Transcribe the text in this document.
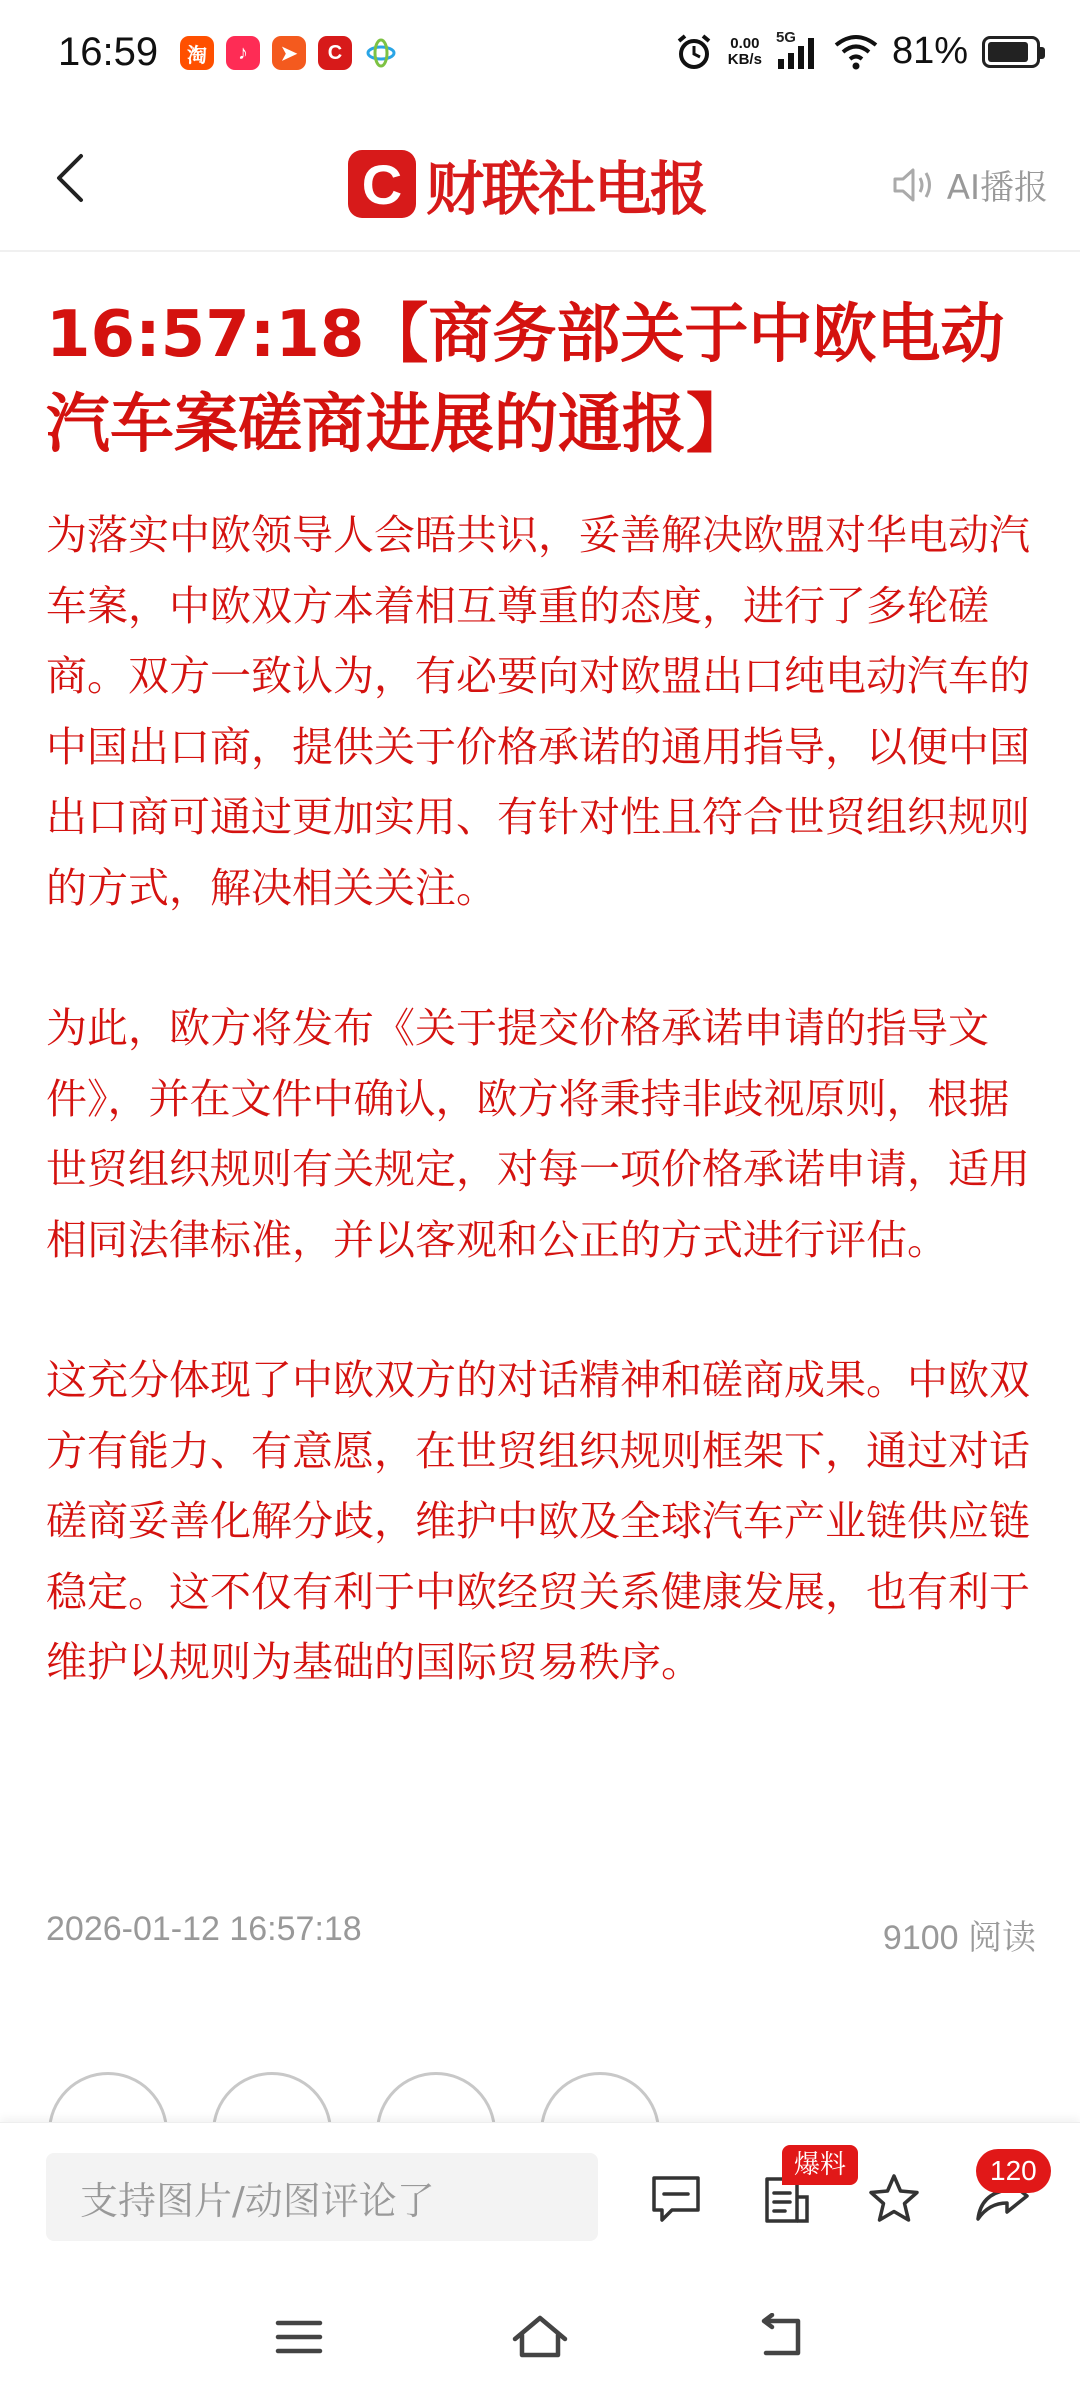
16:59	淘	♪	➤	C	0.00
KB/s
5G	81%
C 财联社 电报	AI播报
16:57:18【商务部关于中欧电动汽车案磋商进展的通报】

为落实中欧领导人会晤共识，妥善解决欧盟对华电动汽车案，中欧双方本着相互尊重的态度，进行了多轮磋商。双方一致认为，有必要向对欧盟出口纯电动汽车的中国出口商，提供关于价格承诺的通用指导，以便中国出口商可通过更加实用、有针对性且符合世贸组织规则的方式，解决相关关注。

为此，欧方将发布《关于提交价格承诺申请的指导文件》，并在文件中确认，欧方将秉持非歧视原则，根据世贸组织规则有关规定，对每一项价格承诺申请，适用相同法律标准，并以客观和公正的方式进行评估。

这充分体现了中欧双方的对话精神和磋商成果。中欧双方有能力、有意愿，在世贸组织规则框架下，通过对话磋商妥善化解分歧，维护中欧及全球汽车产业链供应链稳定。这不仅有利于中欧经贸关系健康发展，也有利于维护以规则为基础的国际贸易秩序。

2026-01-12 16:57:18	9100 阅读
支持图片/动图评论了
爆料	120
